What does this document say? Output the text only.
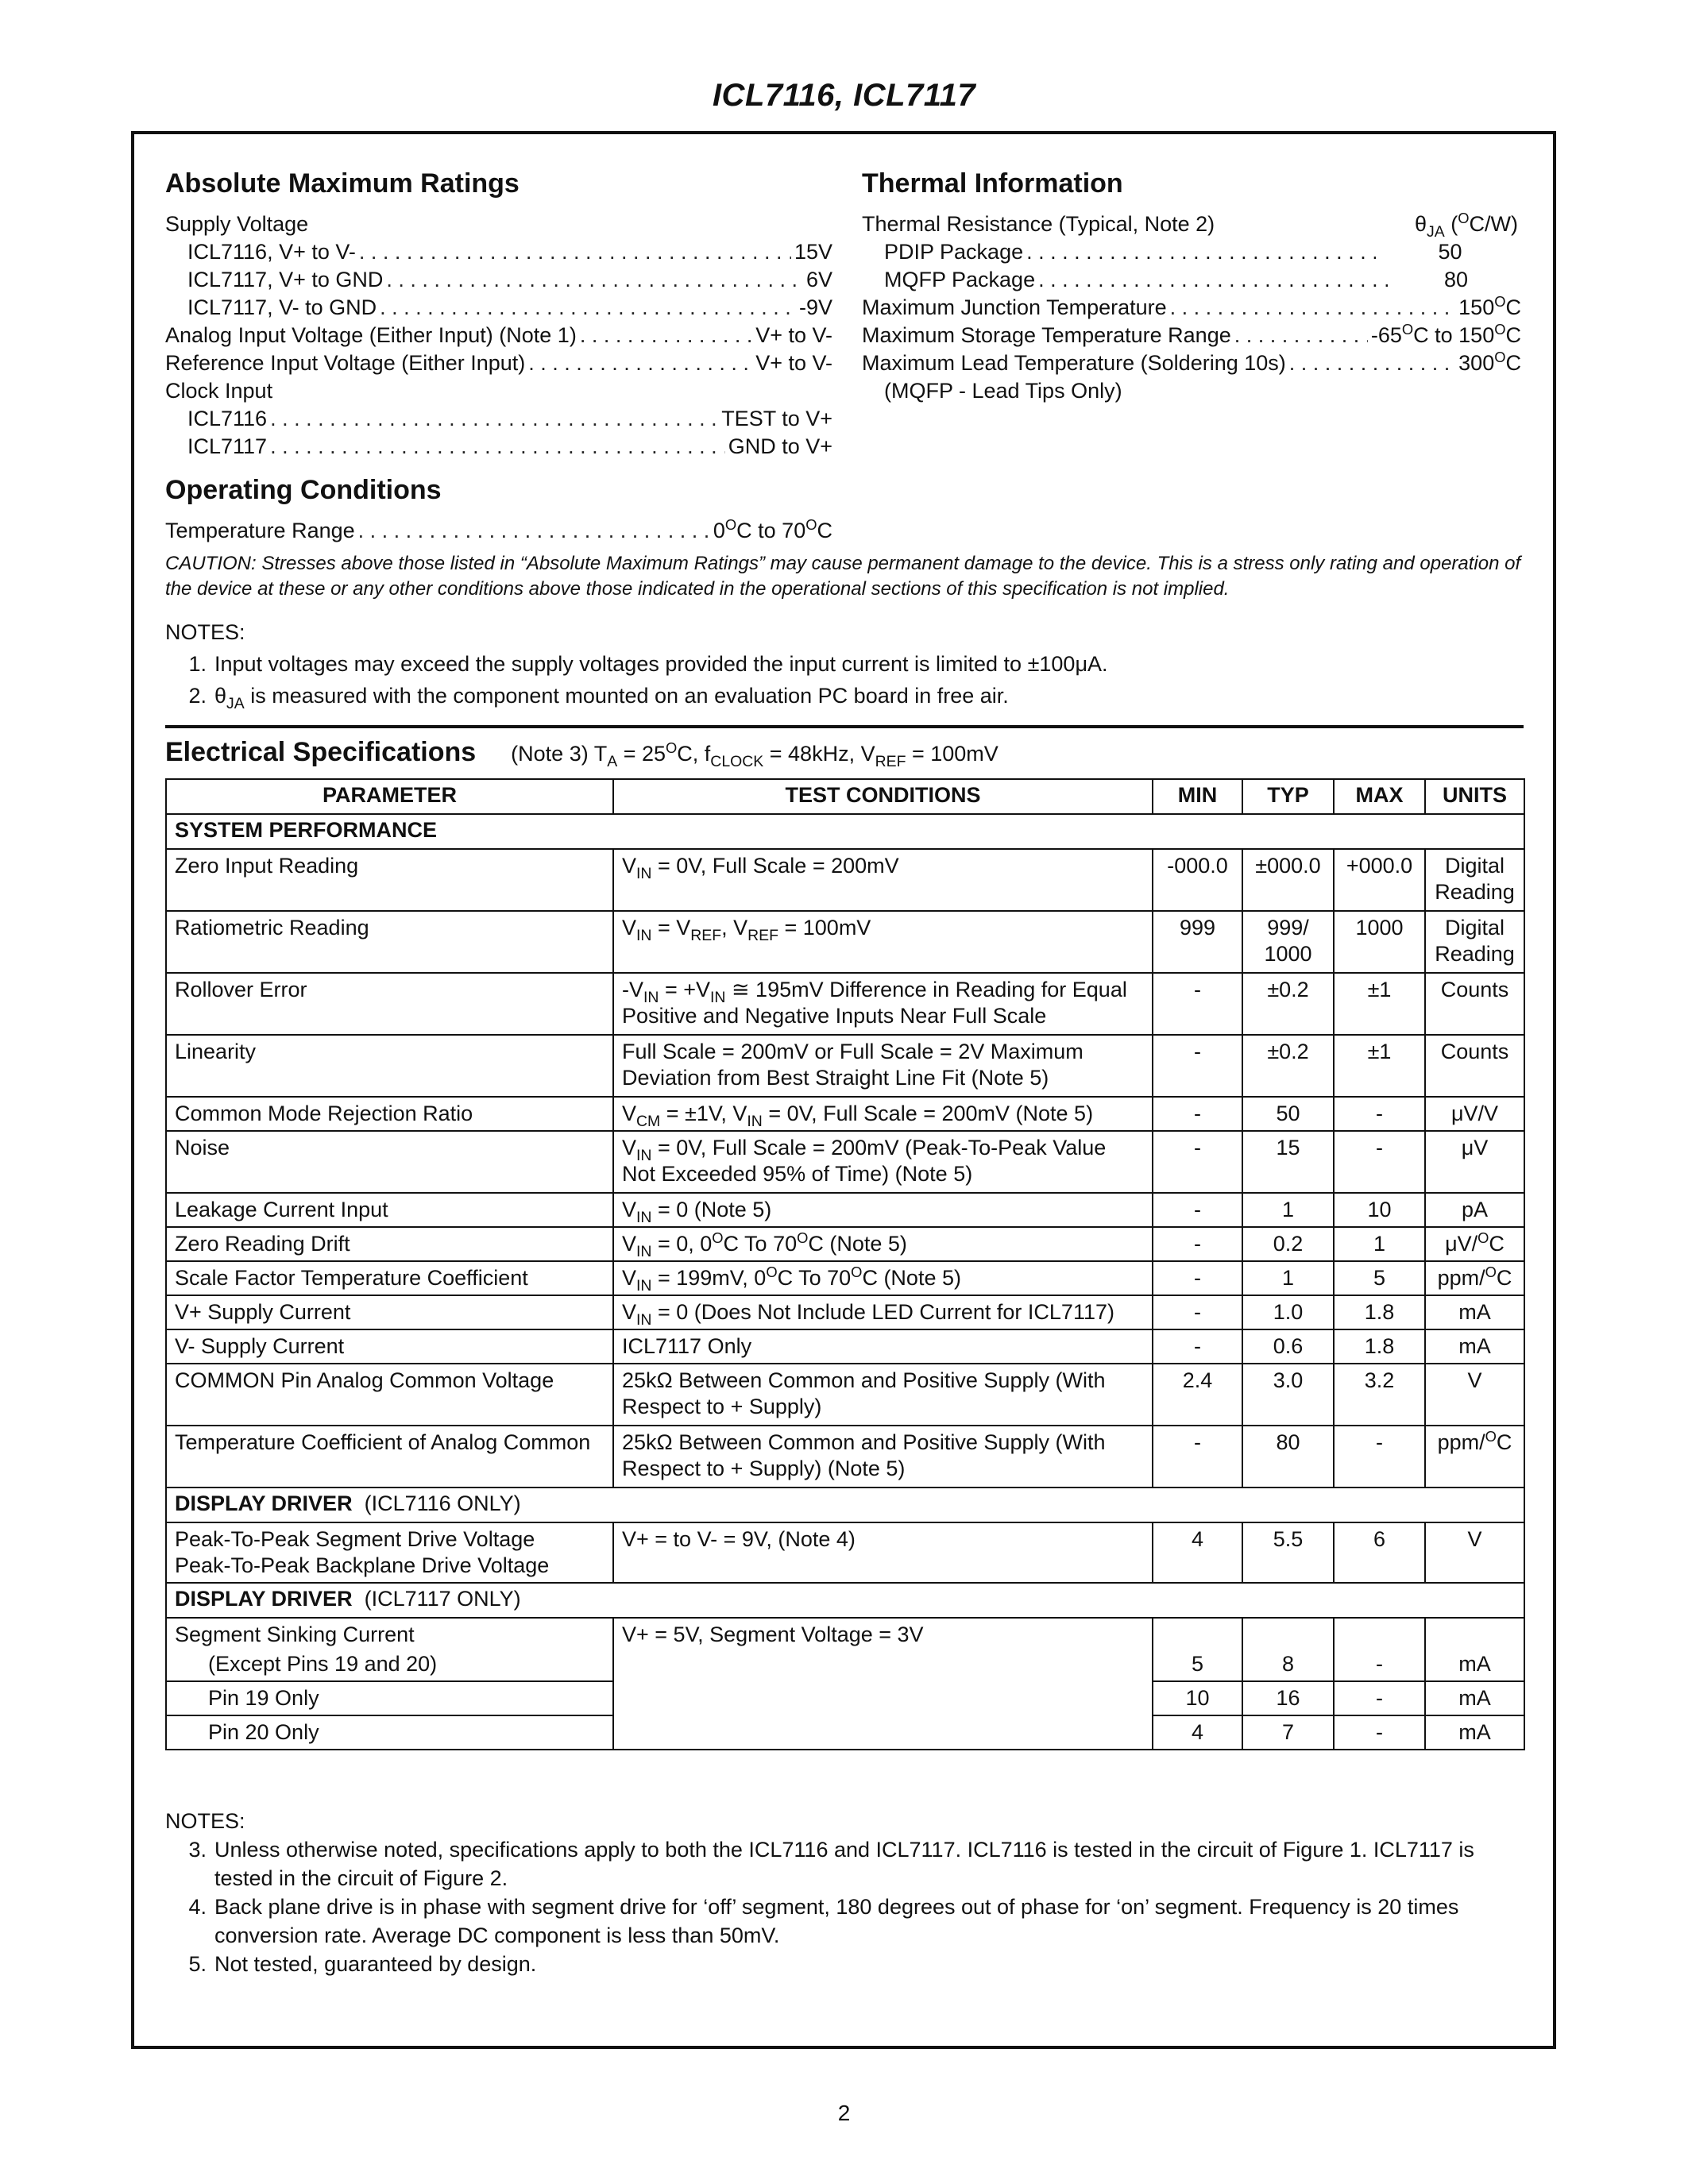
ICL7116, ICL7117
Absolute Maximum Ratings
Supply Voltage
ICL7116, V+ to V- . . .	15V
ICL7117, V+ to GND . . .	6V
ICL7117, V- to GND . . .	-9V
Analog Input Voltage (Either Input) (Note 1) . . .	V+ to V-
Reference Input Voltage (Either Input) . . .	V+ to V-
Clock Input
ICL7116 . . .	TEST to V+
ICL7117 . . .	GND to V+
Operating Conditions
Temperature Range . . .	$0^OC$ to $70^OC$
Thermal Information
Thermal Resistance (Typical, Note 2)	$\theta_{JA}$ ($^O$C/W)
PDIP Package . . .	50
MQFP Package . . .	80
Maximum Junction Temperature . . .	$150^OC$
Maximum Storage Temperature Range . . .	$-65^OC$ to $150^OC$
Maximum Lead Temperature (Soldering 10s) . . .	$300^OC$
(MQFP - Lead Tips Only)
CAUTION: Stresses above those listed in “Absolute Maximum Ratings” may cause permanent damage to the device. This is a stress only rating and operation of the device at these or any other conditions above those indicated in the operational sections of this specification is not implied.
NOTES:
1. Input voltages may exceed the supply voltages provided the input current is limited to ±100μA.
2. $\theta_{JA}$ is measured with the component mounted on an evaluation PC board in free air.
Electrical Specifications (Note 3) $T_A = 25^OC$, $f_{CLOCK} = 48kHz$, $V_{REF} = 100mV$
PARAMETER	TEST CONDITIONS	MIN	TYP	MAX	UNITS
SYSTEM PERFORMANCE					
Zero Input Reading	$V_{IN} = 0V$, Full Scale = 200mV	-000.0	±000.0	+000.0	Digital Reading
Ratiometric Reading	$V_{IN} = V_{REF}$, $V_{REF} = 100mV$	999	999/ 1000	1000	Digital Reading
Rollover Error	$-V_{IN} = +V_{IN}$ ≅ 195mV Difference in Reading for Equal Positive and Negative Inputs Near Full Scale	-	±0.2	±1	Counts
Linearity	Full Scale = 200mV or Full Scale = 2V Maximum Deviation from Best Straight Line Fit (Note 5)	-	±0.2	±1	Counts
Common Mode Rejection Ratio	$V_{CM} = \pm 1V$, $V_{IN} = 0V$, Full Scale = 200mV (Note 5)	-	50	-	μV/V
Noise	$V_{IN} = 0V$, Full Scale = 200mV (Peak-To-Peak Value Not Exceeded 95% of Time) (Note 5)	-	15	-	μV
Leakage Current Input	$V_{IN} = 0$ (Note 5)	-	1	10	pA
Zero Reading Drift	$V_{IN} = 0$, $0^OC$ To $70^OC$ (Note 5)	-	0.2	1	μV/$^O$C
Scale Factor Temperature Coefficient	$V_{IN} = 199mV$, $0^OC$ To $70^OC$ (Note 5)	-	1	5	ppm/$^O$C
V+ Supply Current	$V_{IN} = 0$ (Does Not Include LED Current for ICL7117)	-	1.0	1.8	mA
V- Supply Current	ICL7117 Only	-	0.6	1.8	mA
COMMON Pin Analog Common Voltage	25kΩ Between Common and Positive Supply (With Respect to + Supply)	2.4	3.0	3.2	V
Temperature Coefficient of Analog Common	25kΩ Between Common and Positive Supply (With Respect to + Supply) (Note 5)	-	80	-	ppm/$^O$C
DISPLAY DRIVER (ICL7116 ONLY)					

Peak-To-Peak Segment Drive Voltage
Peak-To-Peak Backplane Drive Voltage	V+ = to V- = 9V, (Note 4)	4	5.5	6	V
DISPLAY DRIVER (ICL7117 ONLY)					
Segment Sinking Current	V+ = 5V, Segment Voltage = 3V				
(Except Pins 19 and 20)		5	8	-	mA
Pin 19 Only		10	16	-	mA
Pin 20 Only		4	7	-	mA
NOTES:
3. Unless otherwise noted, specifications apply to both the ICL7116 and ICL7117. ICL7116 is tested in the circuit of Figure 1. ICL7117 is tested in the circuit of Figure 2.
4. Back plane drive is in phase with segment drive for ‘off’ segment, 180 degrees out of phase for ‘on’ segment. Frequency is 20 times conversion rate. Average DC component is less than 50mV.
5. Not tested, guaranteed by design.
2
